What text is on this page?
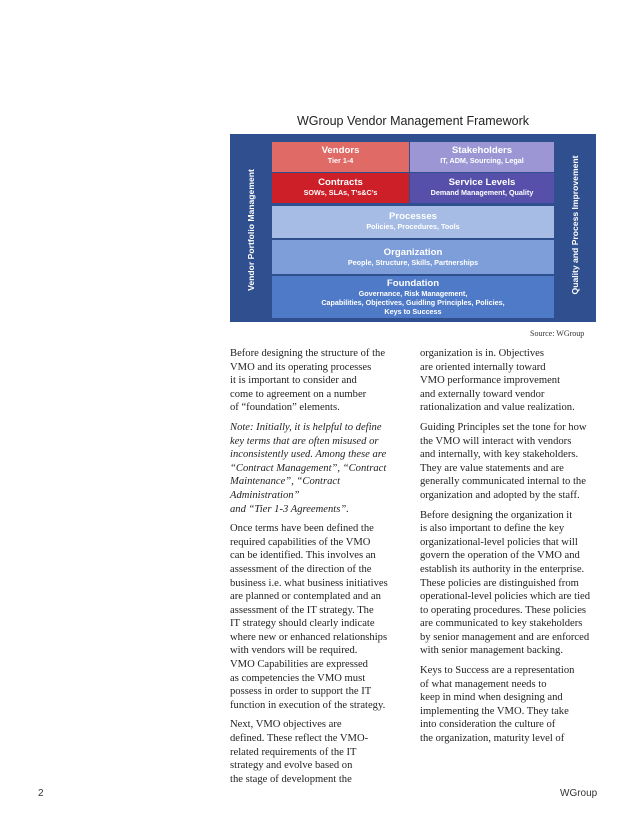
WGroup Vendor Management Framework
Vendor Portfolio Management	Quality and Process Improvement
Vendors
Tier 1-4
Stakeholders
IT, ADM, Sourcing, Legal
Contracts
SOWs, SLAs, T’s&C’s
Service Levels
Demand Management, Quality
Processes
Policies, Procedures, Tools
Organization
People, Structure, Skills, Partnerships
Foundation
Governance, Risk Management,
Capabilities, Objectives, Guidling Principles, Policies,
Keys to Success
Source: WGroup

Before designing the structure of the
VMO and its operating processes
it is important to consider and
come to agreement on a number
of “foundation” elements.

Note: Initially, it is helpful to define
key terms that are often misused or
inconsistently used. Among these are
“Contract Management”, “Contract
Maintenance”, “Contract Administration”
and “Tier 1-3 Agreements”.

Once terms have been defined the
required capabilities of the VMO
can be identified. This involves an
assessment of the direction of the
business i.e. what business initiatives
are planned or contemplated and an
assessment of the IT strategy. The
IT strategy should clearly indicate
where new or enhanced relationships
with vendors will be required.
VMO Capabilities are expressed
as competencies the VMO must
possess in order to support the IT
function in execution of the strategy.

Next, VMO objectives are
defined. These reflect the VMO-
related requirements of the IT
strategy and evolve based on
the stage of development the

organization is in. Objectives
are oriented internally toward
VMO performance improvement
and externally toward vendor
rationalization and value realization.

Guiding Principles set the tone for how
the VMO will interact with vendors
and internally, with key stakeholders.
They are value statements and are
generally communicated internal to the
organization and adopted by the staff.

Before designing the organization it
is also important to define the key
organizational-level policies that will
govern the operation of the VMO and
establish its authority in the enterprise.
These policies are distinguished from
operational-level policies which are tied
to operating procedures. These policies
are communicated to key stakeholders
by senior management and are enforced
with senior management backing.

Keys to Success are a representation
of what management needs to
keep in mind when designing and
implementing the VMO. They take
into consideration the culture of
the organization, maturity level of

2	WGroup
